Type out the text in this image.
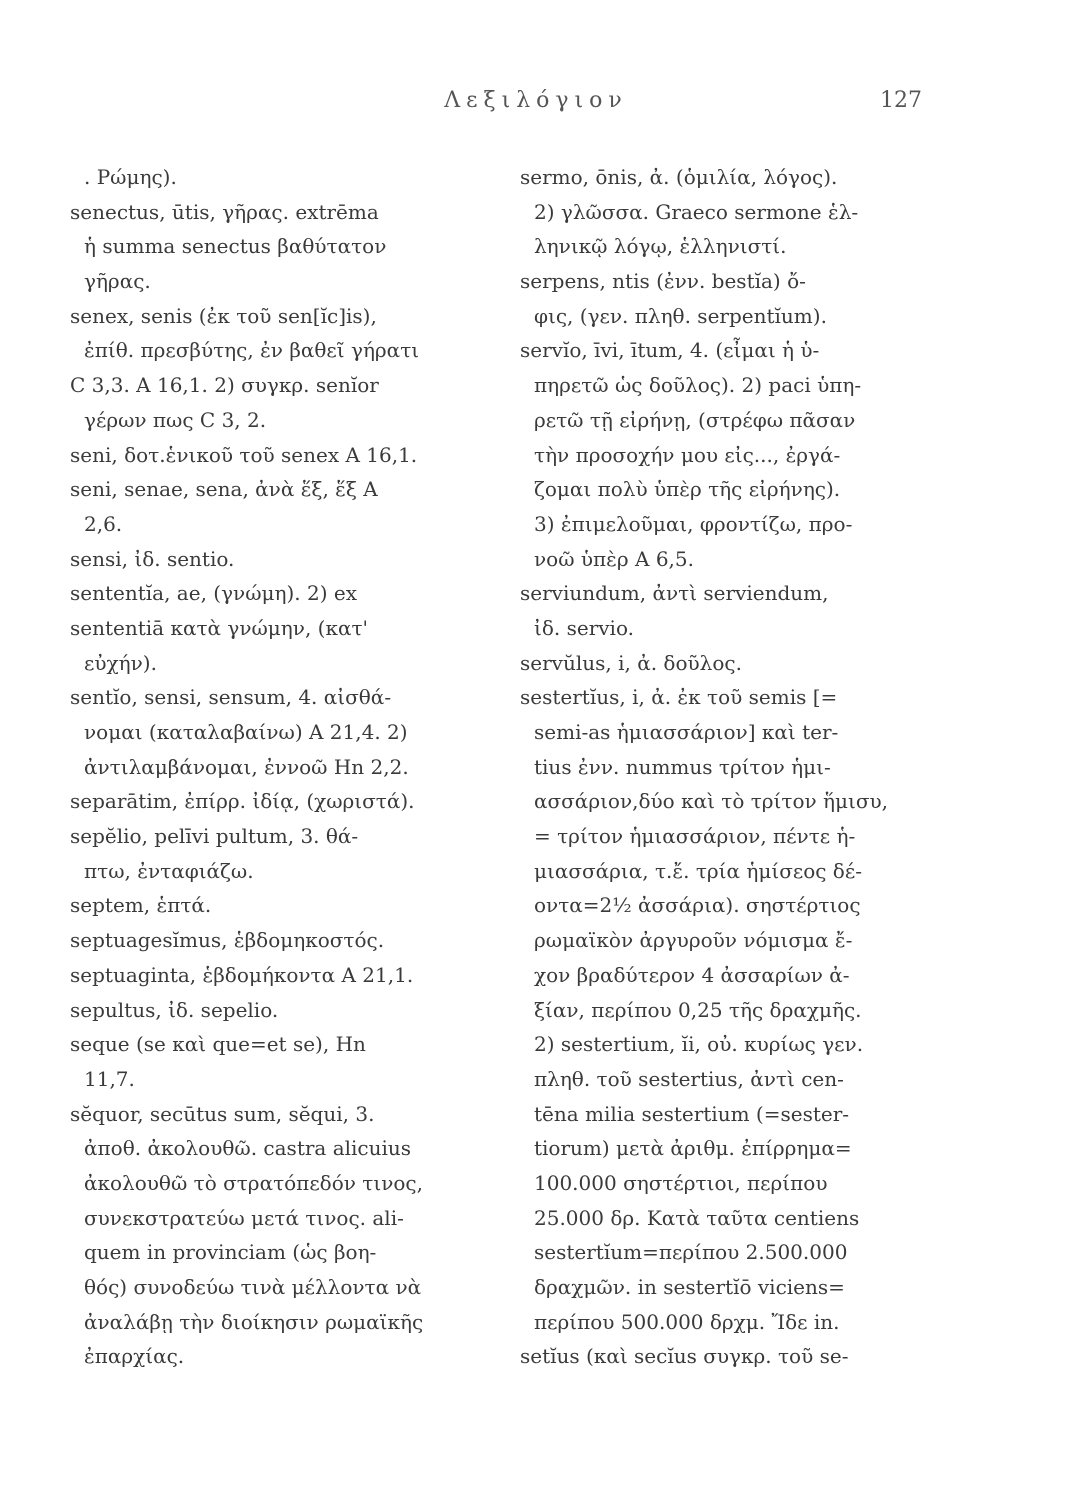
Λεξιλόγιον	127
. Ρώμης).
senectus, ūtis, γῆρας. extrēma
ἡ summa senectus βαθύτατον
γῆρας.
senex, senis (ἐκ τοῦ sen[ĭc]is),
ἐπίθ. πρεσβύτης, ἐν βαθεῖ γήρατι
C 3,3. A 16,1. 2) συγκρ. senĭor
γέρων πως C 3, 2.
seni, δοτ.ἑνικοῦ τοῦ senex A 16,1.
seni, senae, sena, ἀνὰ ἕξ, ἕξ A
2,6.
sensi, ἰδ. sentio.
sententĭa, ae, (γνώμη). 2) ex
sententiā κατὰ γνώμην, (κατ'
εὐχήν).
sentĭo, sensi, sensum, 4. αἰσθά-
νομαι (καταλαβαίνω) A 21,4. 2)
ἀντιλαμβάνομαι, ἐννοῶ Hn 2,2.
separātim, ἐπίρρ. ἰδίᾳ, (χωριστά).
sepĕlio, pelīvi pultum, 3. θά-
πτω, ἐνταφιάζω.
septem, ἑπτά.
septuagesĭmus, ἑβδομηκοστός.
septuaginta, ἑβδομήκοντα A 21,1.
sepultus, ἰδ. sepelio.
seque (se καὶ que=et se), Hn
11,7.
sĕquor, secūtus sum, sĕqui, 3.
ἀποθ. ἀκολουθῶ. castra alicuius
ἀκολουθῶ τὸ στρατόπεδόν τινος,
συνεκστρατεύω μετά τινος. ali-
quem in provinciam (ὡς βοη-
θός) συνοδεύω τινὰ μέλλοντα νὰ
ἀναλάβῃ τὴν διοίκησιν ρωμαϊκῆς
ἐπαρχίας.
sermo, ōnis, ἀ. (ὁμιλία, λόγος).
2) γλῶσσα. Graeco sermone ἑλ-
ληνικῷ λόγῳ, ἑλληνιστί.
serpens, ntis (ἐνν. bestĭa) ὄ-
φις, (γεν. πληθ. serpentĭum).
servĭo, īvi, ītum, 4. (εἶμαι ἡ ὑ-
πηρετῶ ὡς δοῦλος). 2) paci ὑπη-
ρετῶ τῇ εἰρήνῃ, (στρέφω πᾶσαν
τὴν προσοχήν μου εἰς..., ἐργά-
ζομαι πολὺ ὑπὲρ τῆς εἰρήνης).
3) ἐπιμελοῦμαι, φροντίζω, προ-
νοῶ ὑπὲρ A 6,5.
serviundum, ἀντὶ serviendum,
ἰδ. servio.
servŭlus, i, ἀ. δοῦλος.
sestertĭus, i, ἀ. ἐκ τοῦ semis [=
semi-as ἡμιασσάριον] καὶ ter-
tius ἐνν. nummus τρίτον ἡμι-
ασσάριον,δύο καὶ τὸ τρίτον ἥμισυ,
= τρίτον ἡμιασσάριον, πέντε ἡ-
μιασσάρια, τ.ἔ. τρία ἡμίσεος δέ-
οντα=2½ ἀσσάρια). σηστέρτιος
ρωμαϊκὸν ἀργυροῦν νόμισμα ἔ-
χον βραδύτερον 4 ἀσσαρίων ἀ-
ξίαν, περίπου 0,25 τῆς δραχμῆς.
2) sestertium, ĭi, οὐ. κυρίως γεν.
πληθ. τοῦ sestertius, ἀντὶ cen-
tēna milia sestertium (=sester-
tiorum) μετὰ ἀριθμ. ἐπίρρημα=
100.000 σηστέρτιοι, περίπου
25.000 δρ. Κατὰ ταῦτα centiens
sestertĭum=περίπου 2.500.000
δραχμῶν. in sestertĭō viciens=
περίπου 500.000 δρχμ. Ἴδε in.
setĭus (καὶ secĭus συγκρ. τοῦ se-
